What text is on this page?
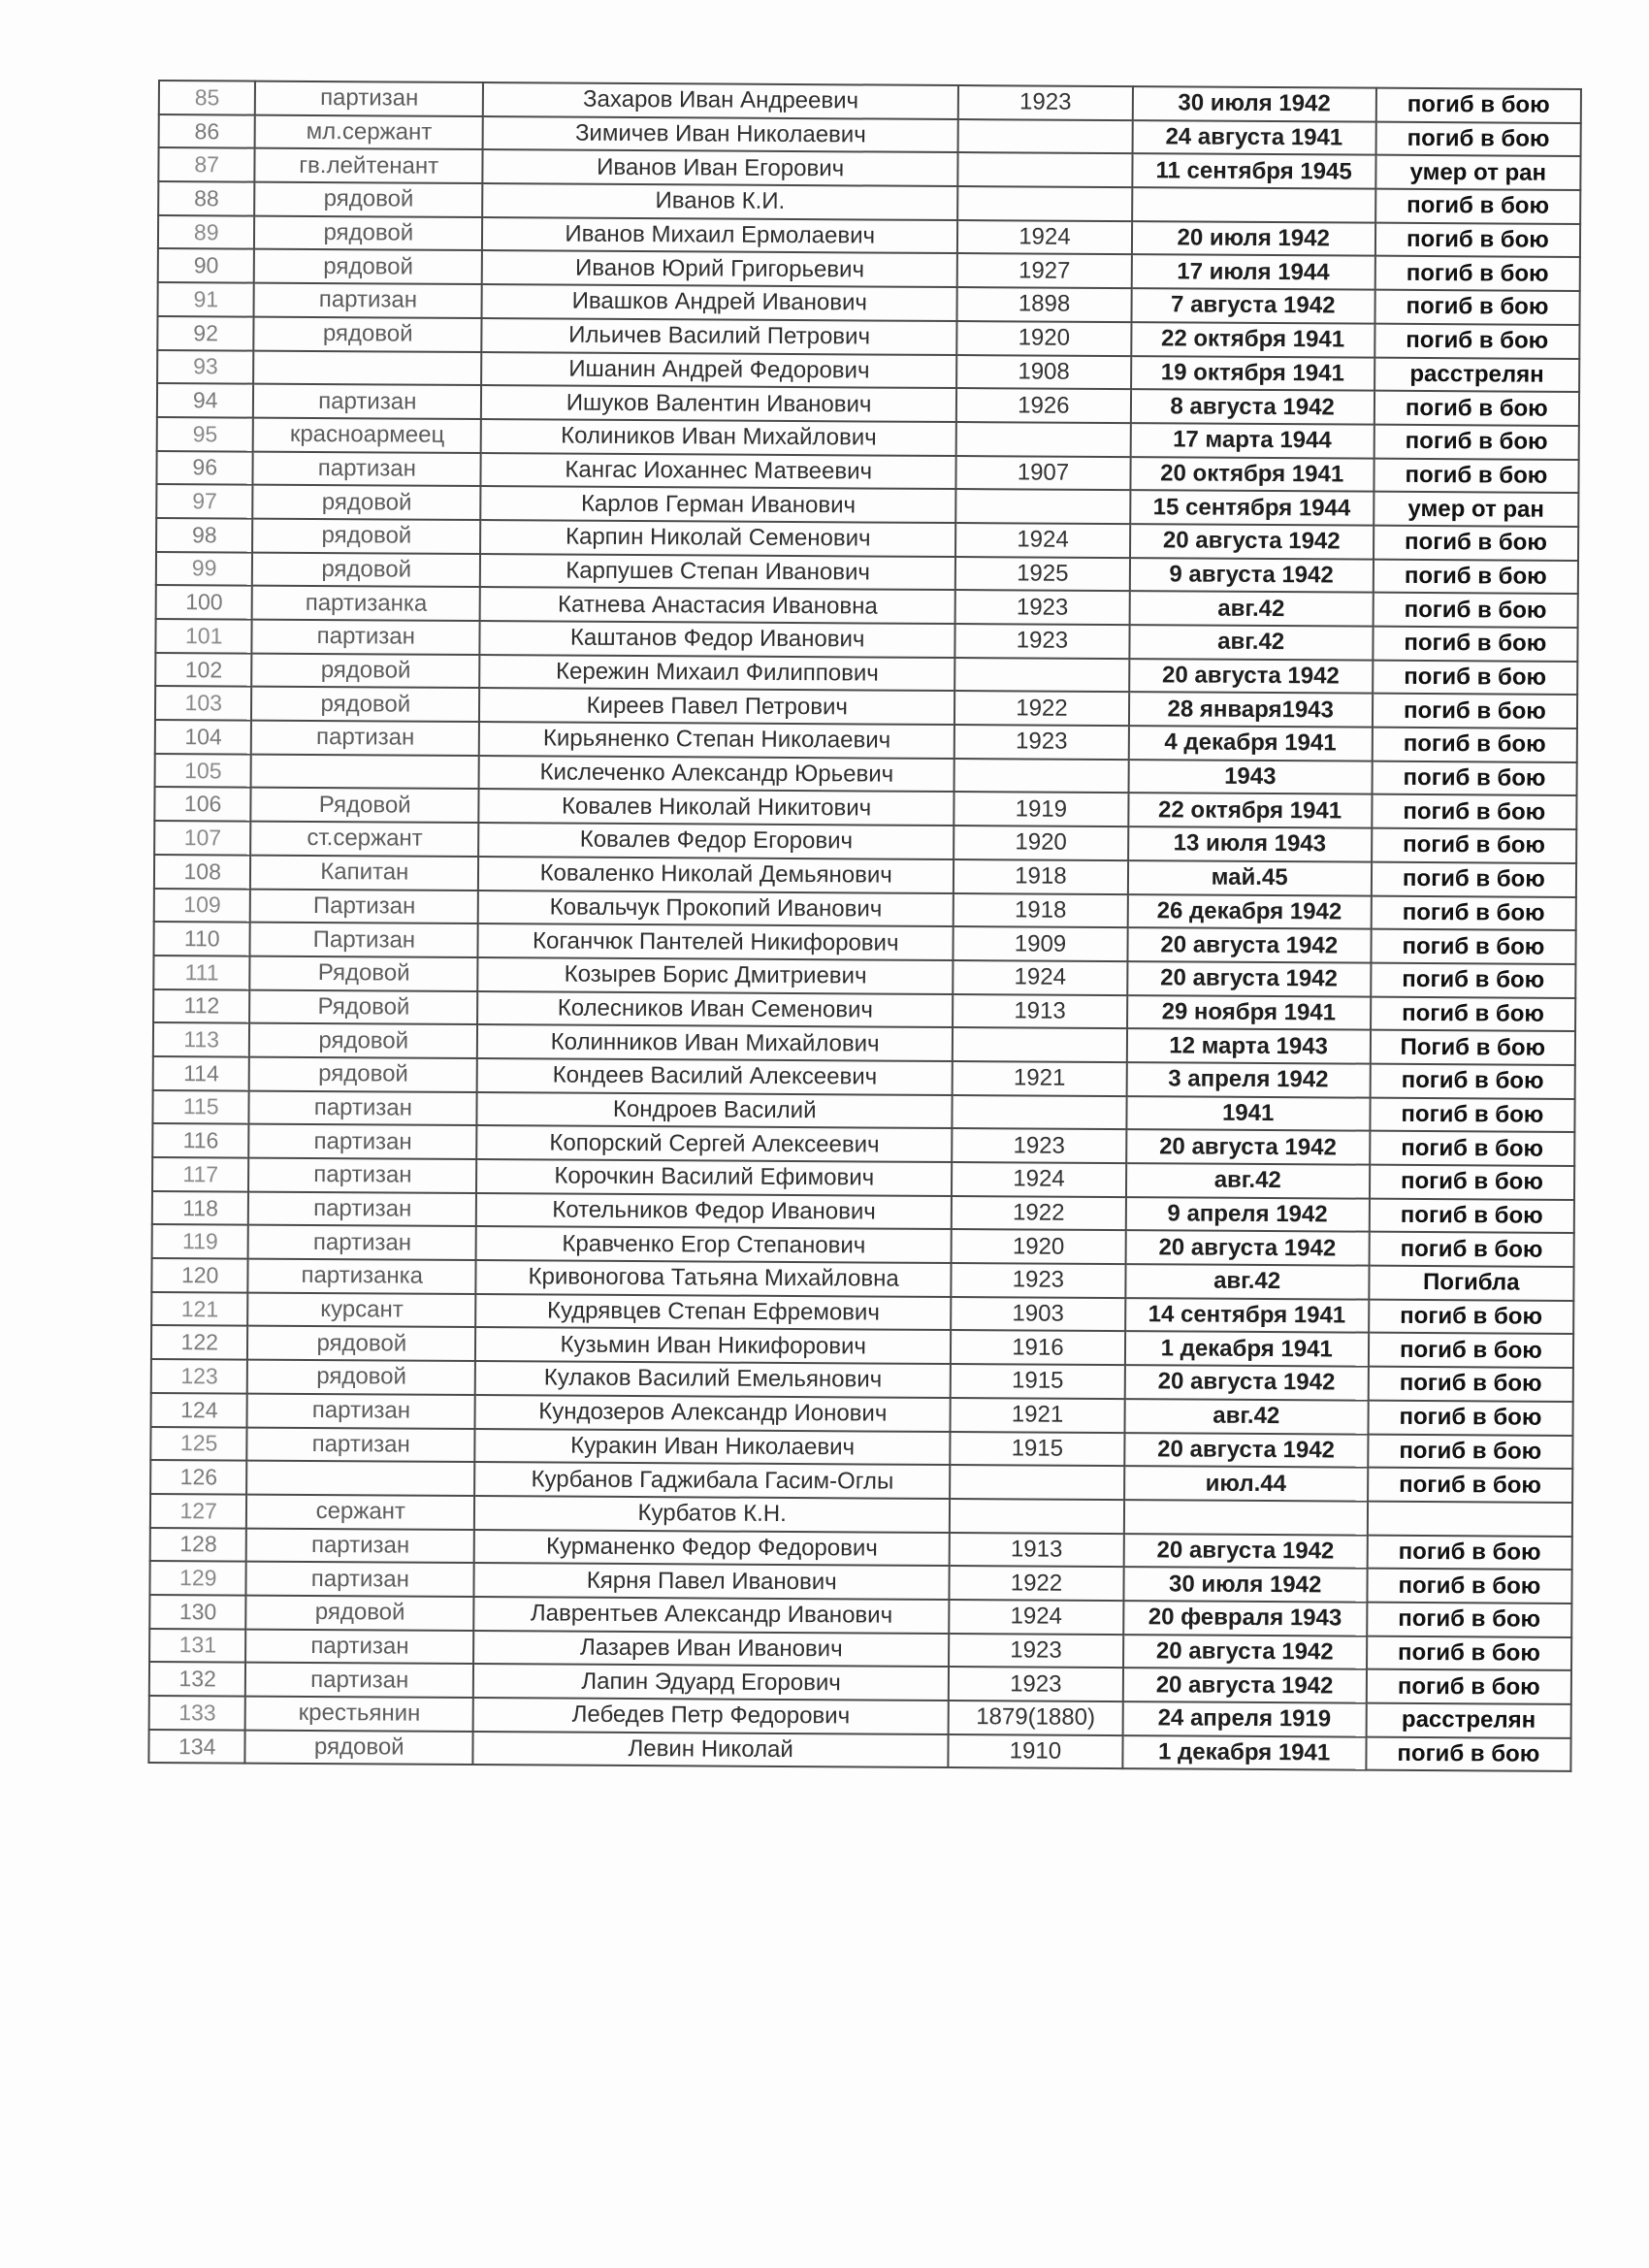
85	партизан	Захаров Иван Андреевич	1923	30 июля 1942	погиб в бою
86	мл.сержант	Зимичев Иван Николаевич		24 августа 1941	погиб в бою
87	гв.лейтенант	Иванов Иван Егорович		11 сентября 1945	умер от ран
88	рядовой	Иванов К.И.			погиб в бою
89	рядовой	Иванов Михаил Ермолаевич	1924	20 июля 1942	погиб в бою
90	рядовой	Иванов Юрий Григорьевич	1927	17 июля 1944	погиб в бою
91	партизан	Ивашков Андрей Иванович	1898	7 августа 1942	погиб в бою
92	рядовой	Ильичев Василий Петрович	1920	22 октября 1941	погиб в бою
93		Ишанин Андрей Федорович	1908	19 октября 1941	расстрелян
94	партизан	Ишуков Валентин Иванович	1926	8 августа 1942	погиб в бою
95	красноармеец	Колиников Иван Михайлович		17 марта 1944	погиб в бою
96	партизан	Кангас Иоханнес Матвеевич	1907	20 октября 1941	погиб в бою
97	рядовой	Карлов Герман Иванович		15 сентября 1944	умер от ран
98	рядовой	Карпин Николай Семенович	1924	20 августа 1942	погиб в бою
99	рядовой	Карпушев Степан Иванович	1925	9 августа 1942	погиб в бою
100	партизанка	Катнева Анастасия Ивановна	1923	авг.42	погиб в бою
101	партизан	Каштанов Федор Иванович	1923	авг.42	погиб в бою
102	рядовой	Кережин Михаил Филиппович		20 августа 1942	погиб в бою
103	рядовой	Киреев Павел Петрович	1922	28 января1943	погиб в бою
104	партизан	Кирьяненко Степан Николаевич	1923	4 декабря 1941	погиб в бою
105		Кислеченко Александр Юрьевич		1943	погиб в бою
106	Рядовой	Ковалев Николай Никитович	1919	22 октября 1941	погиб в бою
107	ст.сержант	Ковалев Федор Егорович	1920	13 июля 1943	погиб в бою
108	Капитан	Коваленко Николай Демьянович	1918	май.45	погиб в бою
109	Партизан	Ковальчук Прокопий Иванович	1918	26 декабря 1942	погиб в бою
110	Партизан	Коганчюк Пантелей Никифорович	1909	20 августа 1942	погиб в бою
111	Рядовой	Козырев Борис Дмитриевич	1924	20 августа 1942	погиб в бою
112	Рядовой	Колесников Иван Семенович	1913	29 ноября 1941	погиб в бою
113	рядовой	Колинников Иван Михайлович		12 марта 1943	Погиб в бою
114	рядовой	Кондеев Василий Алексеевич	1921	3 апреля 1942	погиб в бою
115	партизан	Кондроев Василий		1941	погиб в бою
116	партизан	Копорский Сергей Алексеевич	1923	20 августа 1942	погиб в бою
117	партизан	Корочкин Василий Ефимович	1924	авг.42	погиб в бою
118	партизан	Котельников Федор Иванович	1922	9 апреля 1942	погиб в бою
119	партизан	Кравченко Егор Степанович	1920	20 августа 1942	погиб в бою
120	партизанка	Кривоногова Татьяна Михайловна	1923	авг.42	Погибла
121	курсант	Кудрявцев Степан Ефремович	1903	14 сентября 1941	погиб в бою
122	рядовой	Кузьмин Иван Никифорович	1916	1 декабря 1941	погиб в бою
123	рядовой	Кулаков Василий Емельянович	1915	20 августа 1942	погиб в бою
124	партизан	Кундозеров Александр Ионович	1921	авг.42	погиб в бою
125	партизан	Куракин Иван Николаевич	1915	20 августа 1942	погиб в бою
126		Курбанов Гаджибала Гасим-Оглы		июл.44	погиб в бою
127	сержант	Курбатов К.Н.			
128	партизан	Курманенко Федор Федорович	1913	20 августа 1942	погиб в бою
129	партизан	Кярня Павел Иванович	1922	30 июля 1942	погиб в бою
130	рядовой	Лаврентьев Александр Иванович	1924	20 февраля 1943	погиб в бою
131	партизан	Лазарев Иван Иванович	1923	20 августа 1942	погиб в бою
132	партизан	Лапин Эдуард Егорович	1923	20 августа 1942	погиб в бою
133	крестьянин	Лебедев Петр Федорович	1879(1880)	24 апреля 1919	расстрелян
134	рядовой	Левин Николай	1910	1 декабря 1941	погиб в бою
